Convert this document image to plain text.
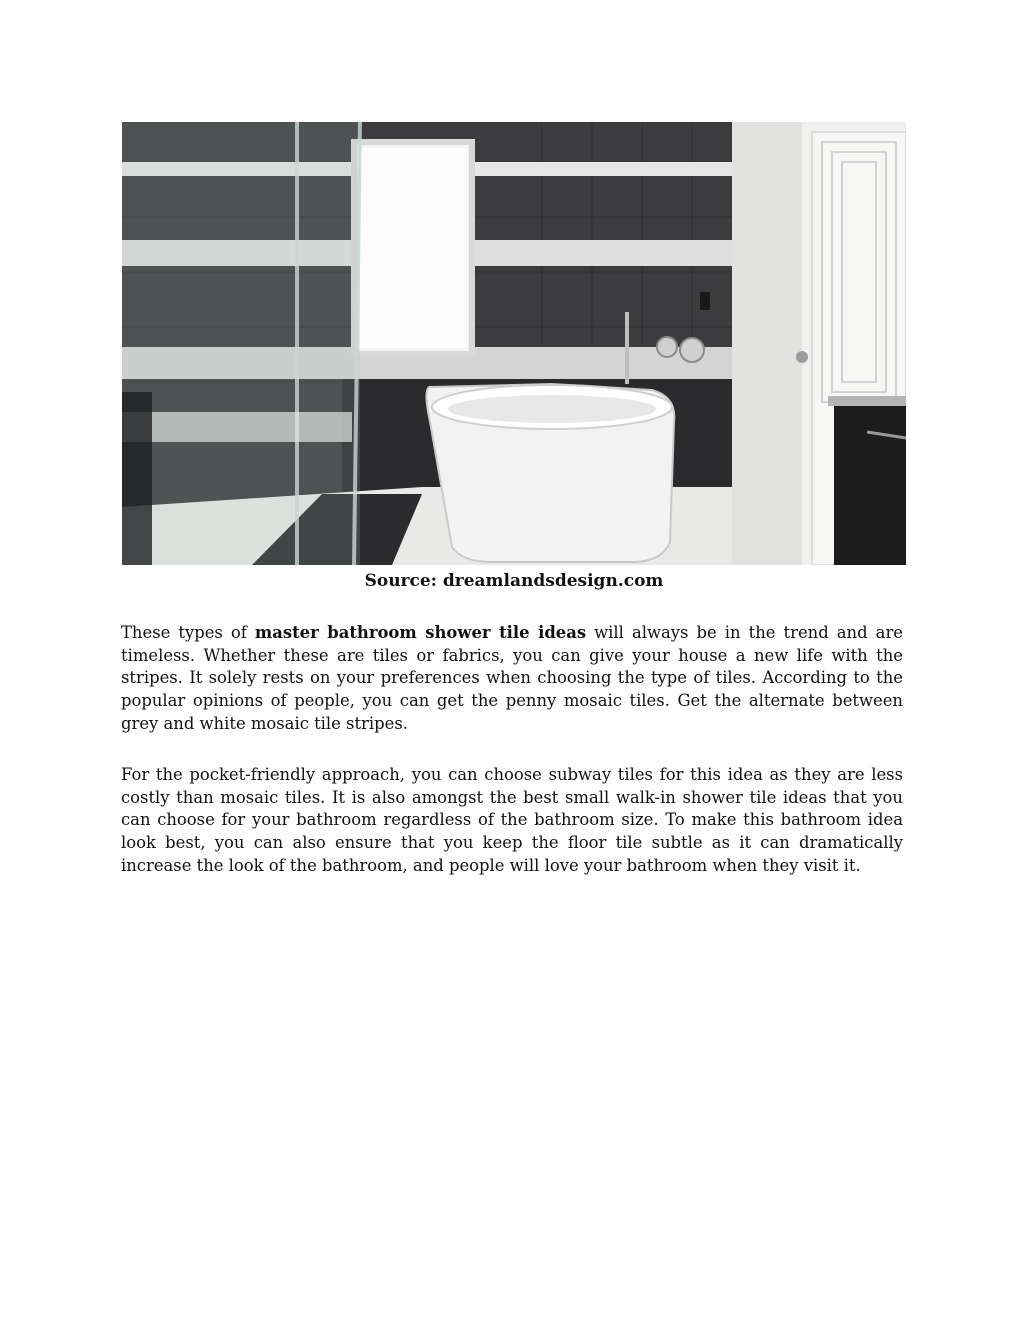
Source: dreamlandsdesign.com

These types of master bathroom shower tile ideas will always be in the trend and are timeless. Whether these are tiles or fabrics, you can give your house a new life with the stripes. It solely rests on your preferences when choosing the type of tiles. According to the popular opinions of people, you can get the penny mosaic tiles. Get the alternate between grey and white mosaic tile stripes.

For the pocket-friendly approach, you can choose subway tiles for this idea as they are less costly than mosaic tiles. It is also amongst the best small walk-in shower tile ideas that you can choose for your bathroom regardless of the bathroom size. To make this bathroom idea look best, you can also ensure that you keep the floor tile subtle as it can dramatically increase the look of the bathroom, and people will love your bathroom when they visit it.
